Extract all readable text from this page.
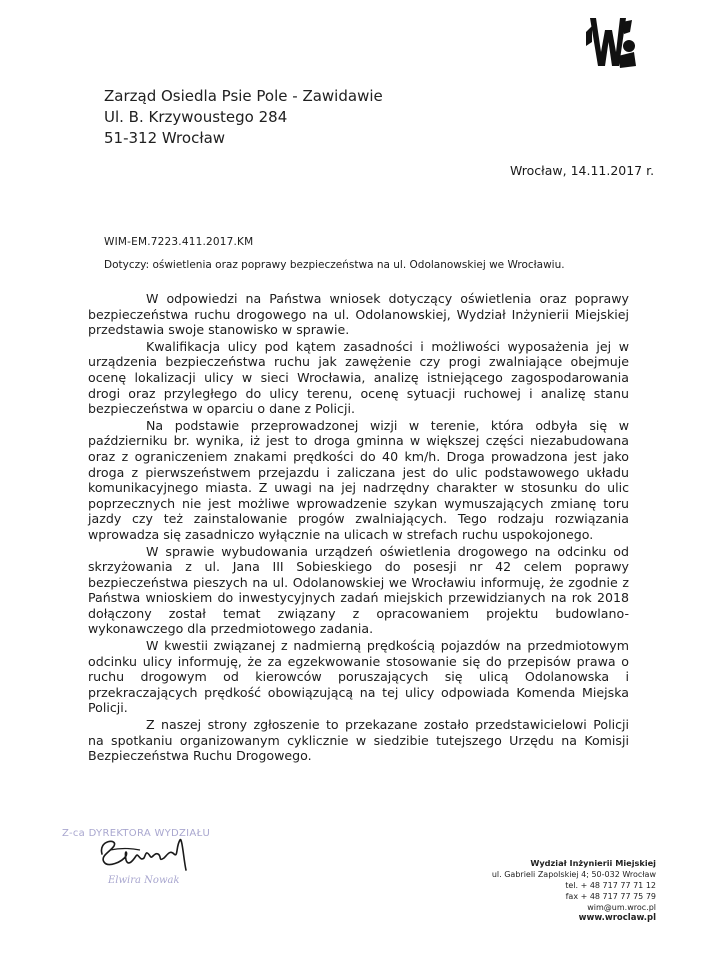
Zarząd Osiedla Psie Pole - Zawidawie
Ul. B. Krzywoustego 284
51-312 Wrocław
Wrocław, 14.11.2017 r.
WIM-EM.7223.411.2017.KM
Dotyczy: oświetlenia oraz poprawy bezpieczeństwa na ul. Odolanowskiej we Wrocławiu.

W odpowiedzi na Państwa wniosek dotyczący oświetlenia oraz poprawy bezpieczeństwa ruchu drogowego na ul. Odolanowskiej, Wydział Inżynierii Miejskiej przedstawia swoje stanowisko w sprawie.

Kwalifikacja ulicy pod kątem zasadności i możliwości wyposażenia jej w urządzenia bezpieczeństwa ruchu jak zawężenie czy progi zwalniające obejmuje ocenę lokalizacji ulicy w sieci Wrocławia, analizę istniejącego zagospodarowania drogi oraz przyległego do ulicy terenu, ocenę sytuacji ruchowej i analizę stanu bezpieczeństwa w oparciu o dane z Policji.

Na podstawie przeprowadzonej wizji w terenie, która odbyła się w październiku br. wynika, iż jest to droga gminna w większej części niezabudowana oraz z ograniczeniem znakami prędkości do 40 km/h. Droga prowadzona jest jako droga z pierwszeństwem przejazdu i zaliczana jest do ulic podstawowego układu komunikacyjnego miasta. Z uwagi na jej nadrzędny charakter w stosunku do ulic poprzecznych nie jest możliwe wprowadzenie szykan wymuszających zmianę toru jazdy czy też zainstalowanie progów zwalniających. Tego rodzaju rozwiązania wprowadza się zasadniczo wyłącznie na ulicach w strefach ruchu uspokojonego.

W sprawie wybudowania urządzeń oświetlenia drogowego na odcinku od skrzyżowania z ul. Jana III Sobieskiego do posesji nr 42 celem poprawy bezpieczeństwa pieszych na ul. Odolanowskiej we Wrocławiu informuję, że zgodnie z Państwa wnioskiem do inwestycyjnych zadań miejskich przewidzianych na rok 2018 dołączony został temat związany z opracowaniem projektu budowlano-wykonawczego dla przedmiotowego zadania.

W kwestii związanej z nadmierną prędkością pojazdów na przedmiotowym odcinku ulicy informuję, że za egzekwowanie stosowanie się do przepisów prawa o ruchu drogowym od kierowców poruszających się ulicą Odolanowska i przekraczających prędkość obowiązującą na tej ulicy odpowiada Komenda Miejska Policji.

Z naszej strony zgłoszenie to przekazane zostało przedstawicielowi Policji na spotkaniu organizowanym cyklicznie w siedzibie tutejszego Urzędu na Komisji Bezpieczeństwa Ruchu Drogowego.

Z-ca DYREKTORA WYDZIAŁU
Elwira Nowak
Wydział Inżynierii Miejskiej
ul. Gabrieli Zapolskiej 4; 50-032 Wrocław
tel. + 48 717 77 71 12
fax + 48 717 77 75 79
wim@um.wroc.pl
www.wroclaw.pl
